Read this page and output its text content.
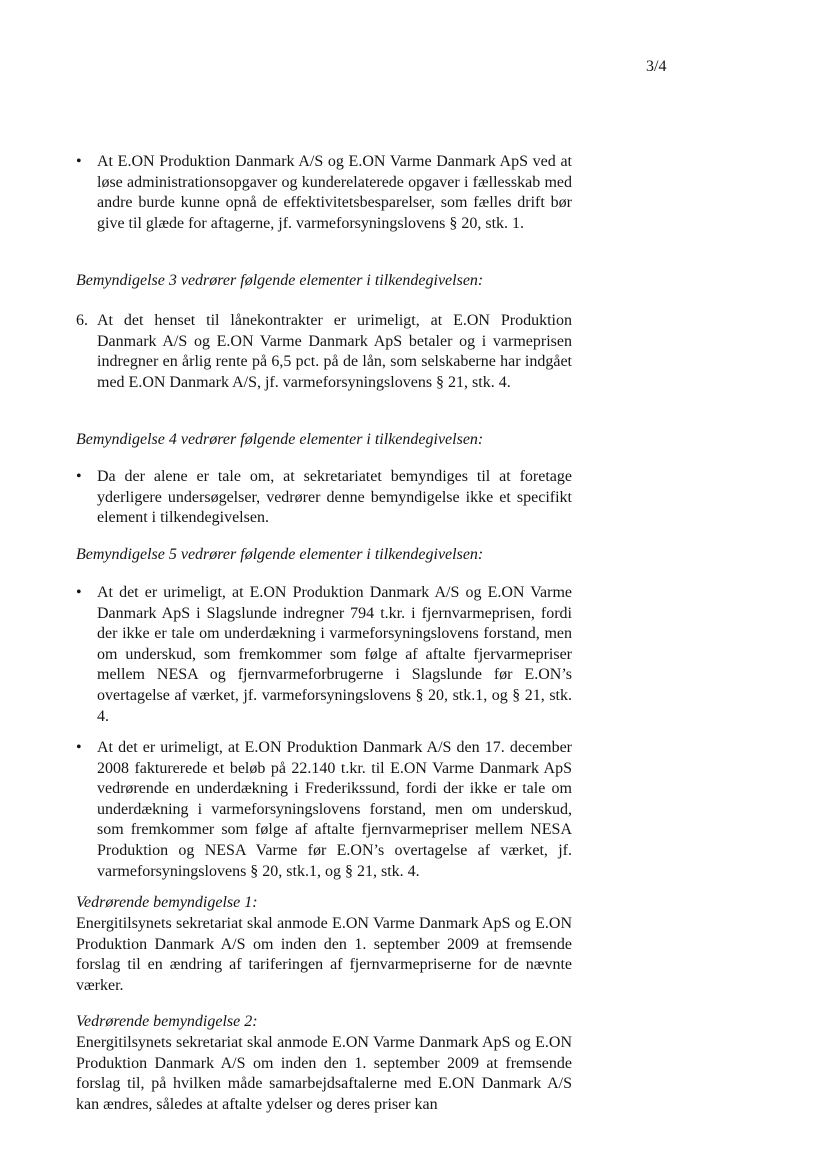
3/4
• At E.ON Produktion Danmark A/S og E.ON Varme Danmark ApS ved at løse administrationsopgaver og kunderelaterede opgaver i fællesskab med andre burde kunne opnå de effektivitetsbesparelser, som fælles drift bør give til glæde for aftagerne, jf. varmeforsyningslovens § 20, stk. 1.
Bemyndigelse 3 vedrører følgende elementer i tilkendegivelsen:
6. At det henset til lånekontrakter er urimeligt, at E.ON Produktion Danmark A/S og E.ON Varme Danmark ApS betaler og i varmeprisen indregner en årlig rente på 6,5 pct. på de lån, som selskaberne har indgået med E.ON Danmark A/S, jf. varmeforsyningslovens § 21, stk. 4.
Bemyndigelse 4 vedrører følgende elementer i tilkendegivelsen:
• Da der alene er tale om, at sekretariatet bemyndiges til at foretage yderligere undersøgelser, vedrører denne bemyndigelse ikke et specifikt element i tilkendegivelsen.
Bemyndigelse 5 vedrører følgende elementer i tilkendegivelsen:
• At det er urimeligt, at E.ON Produktion Danmark A/S og E.ON Varme Danmark ApS i Slagslunde indregner 794 t.kr. i fjernvarmeprisen, fordi der ikke er tale om underdækning i varmeforsyningslovens forstand, men om underskud, som fremkommer som følge af aftalte fjervarmepriser mellem NESA og fjernvarmeforbrugerne i Slagslunde før E.ON’s overtagelse af værket, jf. varmeforsyningslovens § 20, stk.1, og § 21, stk. 4.
• At det er urimeligt, at E.ON Produktion Danmark A/S den 17. december 2008 fakturerede et beløb på 22.140 t.kr. til E.ON Varme Danmark ApS vedrørende en underdækning i Frederikssund, fordi der ikke er tale om underdækning i varmeforsyningslovens forstand, men om underskud, som fremkommer som følge af aftalte fjernvarmepriser mellem NESA Produktion og NESA Varme før E.ON’s overtagelse af værket, jf. varmeforsyningslovens § 20, stk.1, og § 21, stk. 4.
Vedrørende bemyndigelse 1:
Energitilsynets sekretariat skal anmode E.ON Varme Danmark ApS og E.ON Produktion Danmark A/S om inden den 1. september 2009 at fremsende forslag til en ændring af tariferingen af fjernvarmepriserne for de nævnte værker.
Vedrørende bemyndigelse 2:
Energitilsynets sekretariat skal anmode E.ON Varme Danmark ApS og E.ON Produktion Danmark A/S om inden den 1. september 2009 at fremsende forslag til, på hvilken måde samarbejdsaftalerne med E.ON Danmark A/S kan ændres, således at aftalte ydelser og deres priser kan
